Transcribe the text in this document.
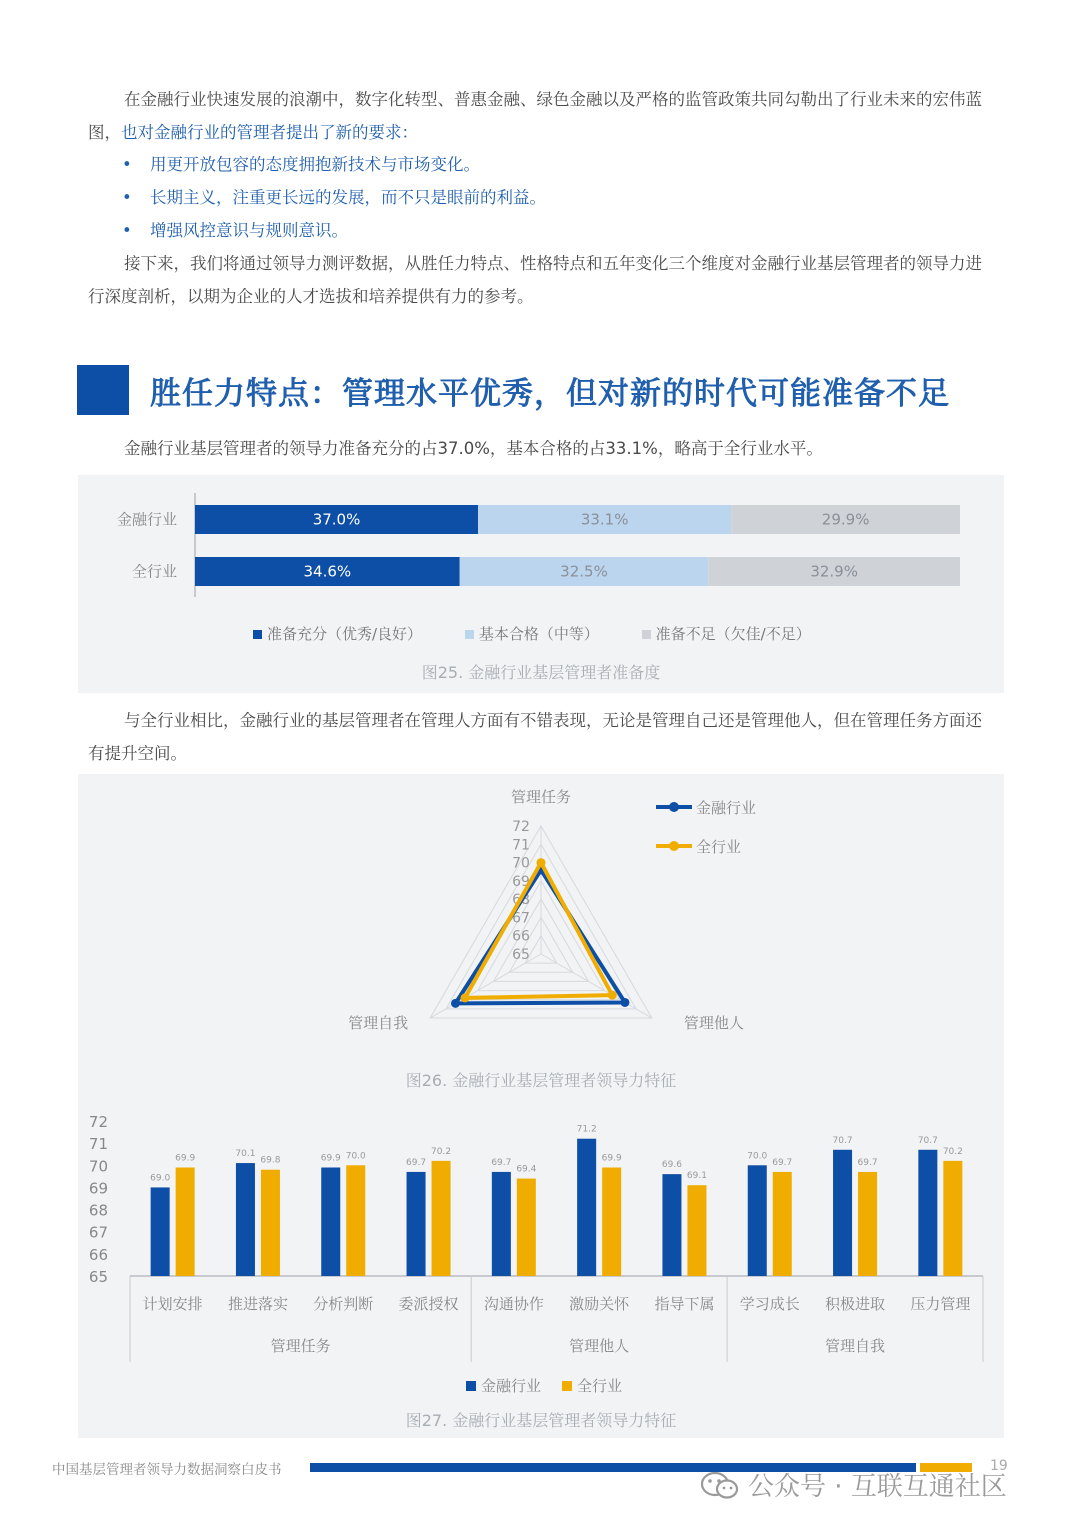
在金融行业快速发展的浪潮中，数字化转型、普惠金融、绿色金融以及严格的监管政策共同勾勒出了行业未来的宏伟蓝图，也对金融行业的管理者提出了新的要求：

• 用更开放包容的态度拥抱新技术与市场变化。
• 长期主义，注重更长远的发展，而不只是眼前的利益。
• 增强风控意识与规则意识。

接下来，我们将通过领导力测评数据，从胜任力特点、性格特点和五年变化三个维度对金融行业基层管理者的领导力进行深度剖析，以期为企业的人才选拔和培养提供有力的参考。

胜任力特点：管理水平优秀，但对新的时代可能准备不足

金融行业基层管理者的领导力准备充分的占37.0%，基本合格的占33.1%，略高于全行业水平。

金融行业	37.0%	33.1%	29.9%
全行业	34.6%	32.5%	32.9%
准备充分（优秀/良好）	基本合格（中等）	准备不足（欠佳/不足）
图25. 金融行业基层管理者准备度

与全行业相比，金融行业的基层管理者在管理人方面有不错表现，无论是管理自己还是管理他人，但在管理任务方面还有提升空间。

65
66
67
68
69
70
71
72
管理任务
管理他人
管理自我
金融行业
全行业
图26. 金融行业基层管理者领导力特征
65
66
67
68
69
70
71
72
69.0
69.9
计划安排
70.1
69.8
推进落实
69.9 70.0
分析判断
69.7
70.2
委派授权
69.7
69.4
沟通协作
71.2
69.9
激励关怀
69.6
69.1
指导下属
70.0
69.7
学习成长
70.7
69.7
积极进取
70.7
70.2
压力管理
管理任务	管理他人	管理自我
金融行业 全行业
图27. 金融行业基层管理者领导力特征
中国基层管理者领导力数据洞察白皮书	19
公众号 · 互联互通社区
